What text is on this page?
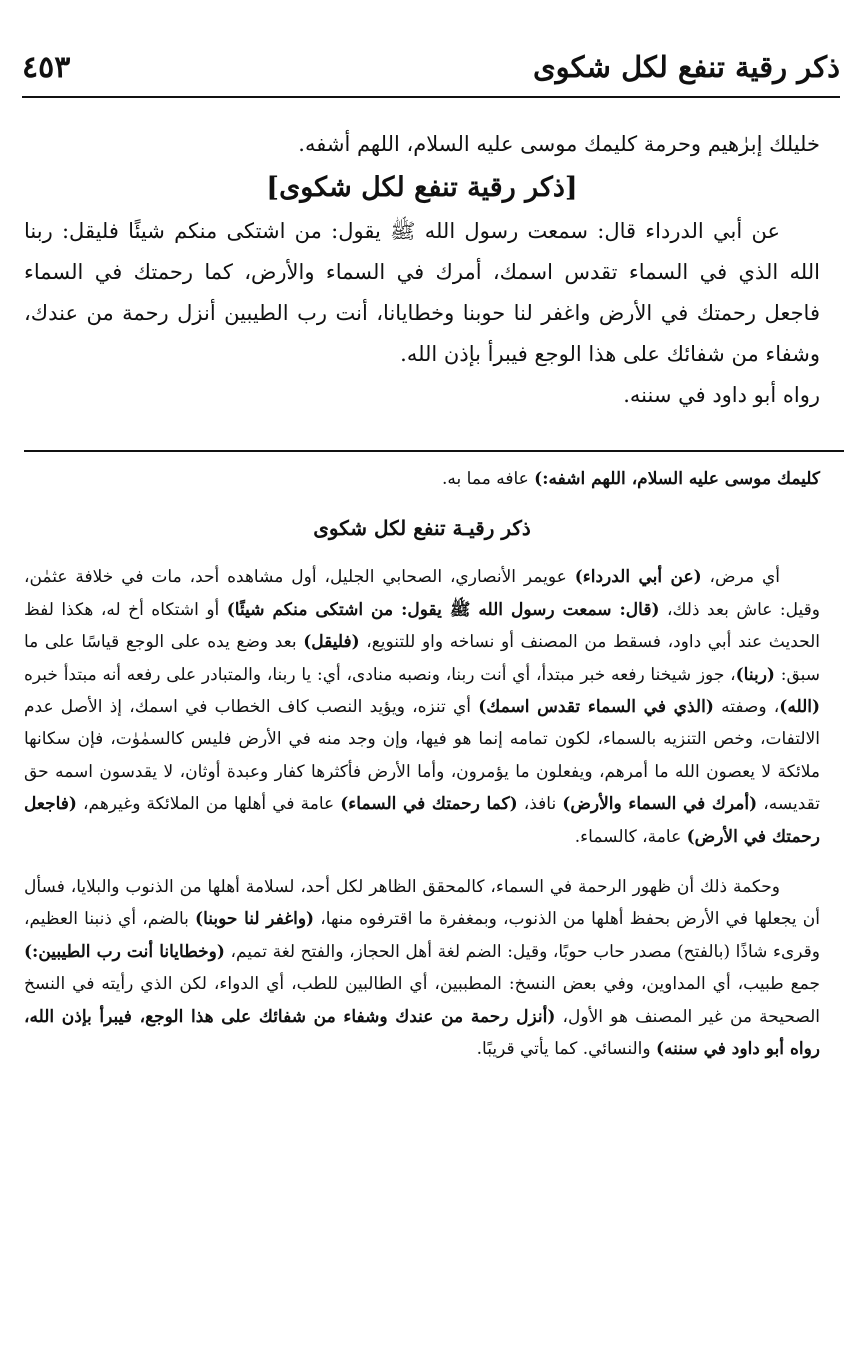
ذكر رقية تنفع لكل شكوى
٤٥٣

خليلك إبرٰهيم وحرمة كليمك موسى عليه السلام، اللهم أشفه.

[ذكر رقية تنفع لكل شكوى]

عن أبي الدرداء قال: سمعت رسول الله ﷺ يقول: من اشتكى منكم شيئًا فليقل: ربنا الله الذي في السماء تقدس اسمك، أمرك في السماء والأرض، كما رحمتك في السماء فاجعل رحمتك في الأرض واغفر لنا حوبنا وخطايانا، أنت رب الطيبين أنزل رحمة من عندك، وشفاء من شفائك على هذا الوجع فيبرأ بإذن الله.

رواه أبو داود في سننه.

كليمك موسى عليه السلام، اللهم اشفه:) عافه مما به.

ذكر رقيـة تنفع لكل شكوى

أي مرض، (عن أبي الدرداء) عويمر الأنصاري، الصحابي الجليل، أول مشاهده أحد، مات في خلافة عثمٰن، وقيل: عاش بعد ذلك، (قال: سمعت رسول الله ﷺ يقول: من اشتكى منكم شيئًا) أو اشتكاه أخ له، هكذا لفظ الحديث عند أبي داود، فسقط من المصنف أو نساخه واو للتنويع، (فليقل) بعد وضع يده على الوجع قياسًا على ما سبق: (ربنا)، جوز شيخنا رفعه خبر مبتدأ، أي أنت ربنا، ونصبه منادى، أي: يا ربنا، والمتبادر على رفعه أنه مبتدأ خبره (الله)، وصفته (الذي في السماء تقدس اسمك) أي تنزه، ويؤيد النصب كاف الخطاب في اسمك، إذ الأصل عدم الالتفات، وخص التنزيه بالسماء، لكون تمامه إنما هو فيها، وإن وجد منه في الأرض فليس كالسمٰوٰت، فإن سكانها ملائكة لا يعصون الله ما أمرهم، ويفعلون ما يؤمرون، وأما الأرض فأكثرها كفار وعبدة أوثان، لا يقدسون اسمه حق تقديسه، (أمرك في السماء والأرض) نافذ، (كما رحمتك في السماء) عامة في أهلها من الملائكة وغيرهم، (فاجعل رحمتك في الأرض) عامة، كالسماء.

وحكمة ذلك أن ظهور الرحمة في السماء، كالمحقق الظاهر لكل أحد، لسلامة أهلها من الذنوب والبلايا، فسأل أن يجعلها في الأرض بحفظ أهلها من الذنوب، وبمغفرة ما اقترفوه منها، (واغفر لنا حوبنا) بالضم، أي ذنبنا العظيم، وقرىء شاذًا (بالفتح) مصدر حاب حوبًا، وقيل: الضم لغة أهل الحجاز، والفتح لغة تميم، (وخطايانا أنت رب الطيبين:) جمع طبيب، أي المداوين، وفي بعض النسخ: المطببين، أي الطالبين للطب، أي الدواء، لكن الذي رأيته في النسخ الصحيحة من غير المصنف هو الأول، (أنزل رحمة من عندك وشفاء من شفائك على هذا الوجع، فيبرأ بإذن الله، رواه أبو داود في سننه) والنسائي. كما يأتي قريبًا.
